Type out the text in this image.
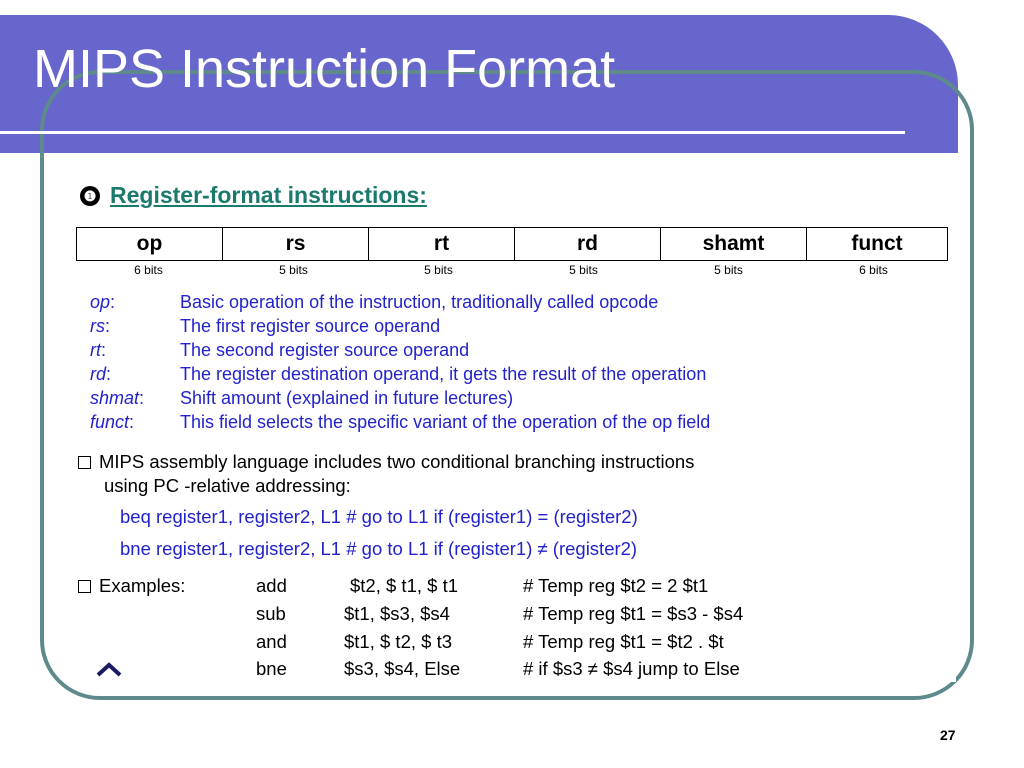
MIPS Instruction Format
❶ Register-format instructions:
op	rs	rt	rd	shamt	funct
6 bits	5 bits	5 bits	5 bits	5 bits	6 bits
op:	Basic operation of the instruction, traditionally called opcode
rs:	The first register source operand
rt:	The second register source operand
rd:	The register destination operand, it gets the result of the operation
shmat:	Shift amount (explained in future lectures)
funct:	This field selects the specific variant of the operation of the op field
MIPS assembly language includes two conditional branching instructions
using PC -relative addressing:
beq register1, register2, L1 # go to L1 if (register1) = (register2)
bne register1, register2, L1 # go to L1 if (register1) ≠ (register2)
Examples:	add	$t2, $ t1, $ t1	# Temp reg $t2 = 2 $t1
sub	$t1, $s3, $s4	# Temp reg $t1 = $s3 - $s4
and	$t1, $ t2, $ t3	# Temp reg $t1 = $t2 . $t
bne	$s3, $s4, Else	# if $s3 ≠ $s4 jump to Else
27
